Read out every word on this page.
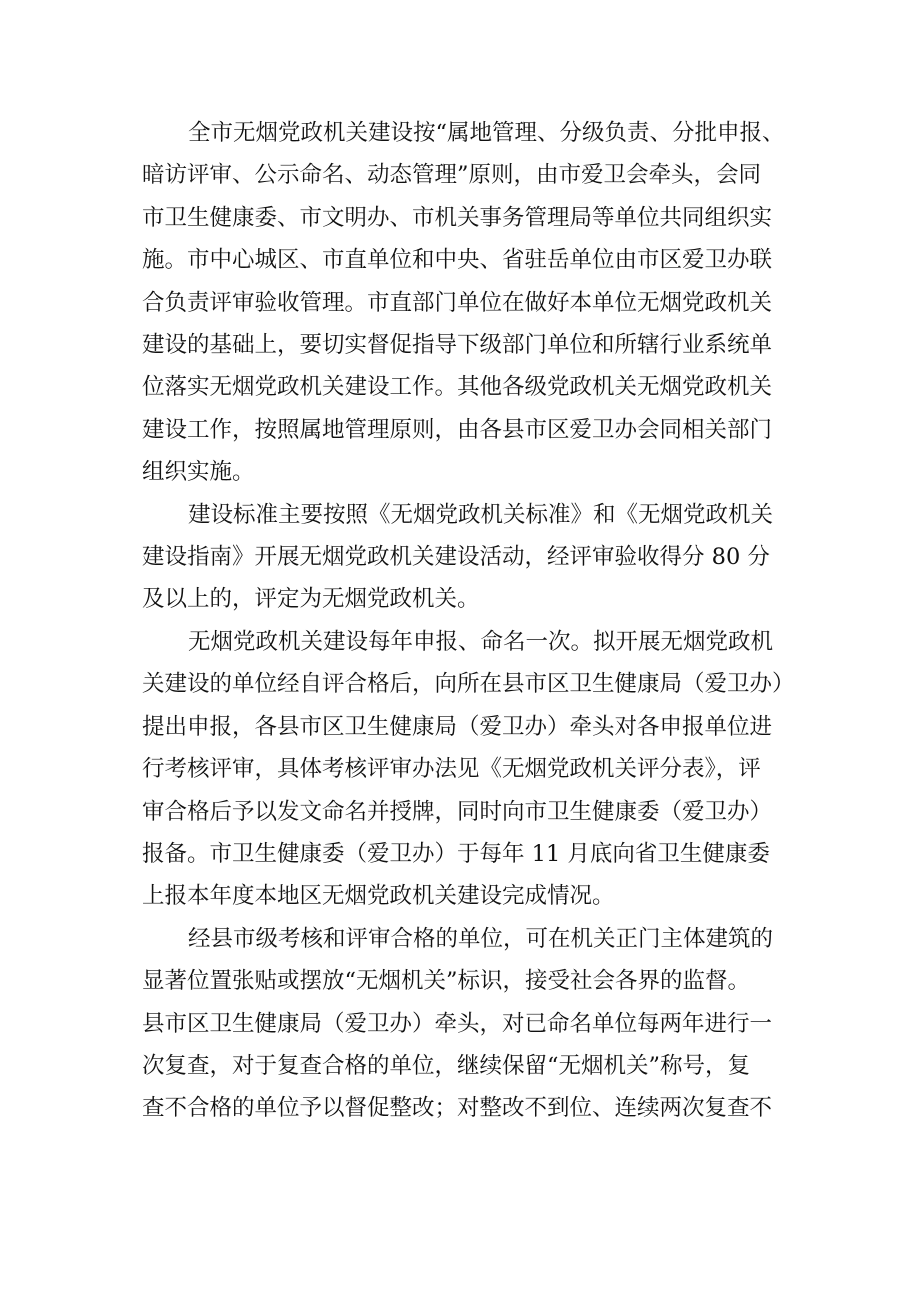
全市无烟党政机关建设按“属地管理、分级负责、分批申报、
暗访评审、公示命名、动态管理”原则，由市爱卫会牵头，会同
市卫生健康委、市文明办、市机关事务管理局等单位共同组织实
施。市中心城区、市直单位和中央、省驻岳单位由市区爱卫办联
合负责评审验收管理。市直部门单位在做好本单位无烟党政机关
建设的基础上，要切实督促指导下级部门单位和所辖行业系统单
位落实无烟党政机关建设工作。其他各级党政机关无烟党政机关
建设工作，按照属地管理原则，由各县市区爱卫办会同相关部门
组织实施。
建设标准主要按照《无烟党政机关标准》和《无烟党政机关
建设指南》开展无烟党政机关建设活动，经评审验收得分 80 分
及以上的，评定为无烟党政机关。
无烟党政机关建设每年申报、命名一次。拟开展无烟党政机
关建设的单位经自评合格后，向所在县市区卫生健康局（爱卫办）
提出申报，各县市区卫生健康局（爱卫办）牵头对各申报单位进
行考核评审，具体考核评审办法见《无烟党政机关评分表》，评
审合格后予以发文命名并授牌，同时向市卫生健康委（爱卫办）
报备。市卫生健康委（爱卫办）于每年 11 月底向省卫生健康委
上报本年度本地区无烟党政机关建设完成情况。
经县市级考核和评审合格的单位，可在机关正门主体建筑的
显著位置张贴或摆放“无烟机关”标识，接受社会各界的监督。
县市区卫生健康局（爱卫办）牵头，对已命名单位每两年进行一
次复查，对于复查合格的单位，继续保留“无烟机关”称号，复
查不合格的单位予以督促整改；对整改不到位、连续两次复查不
